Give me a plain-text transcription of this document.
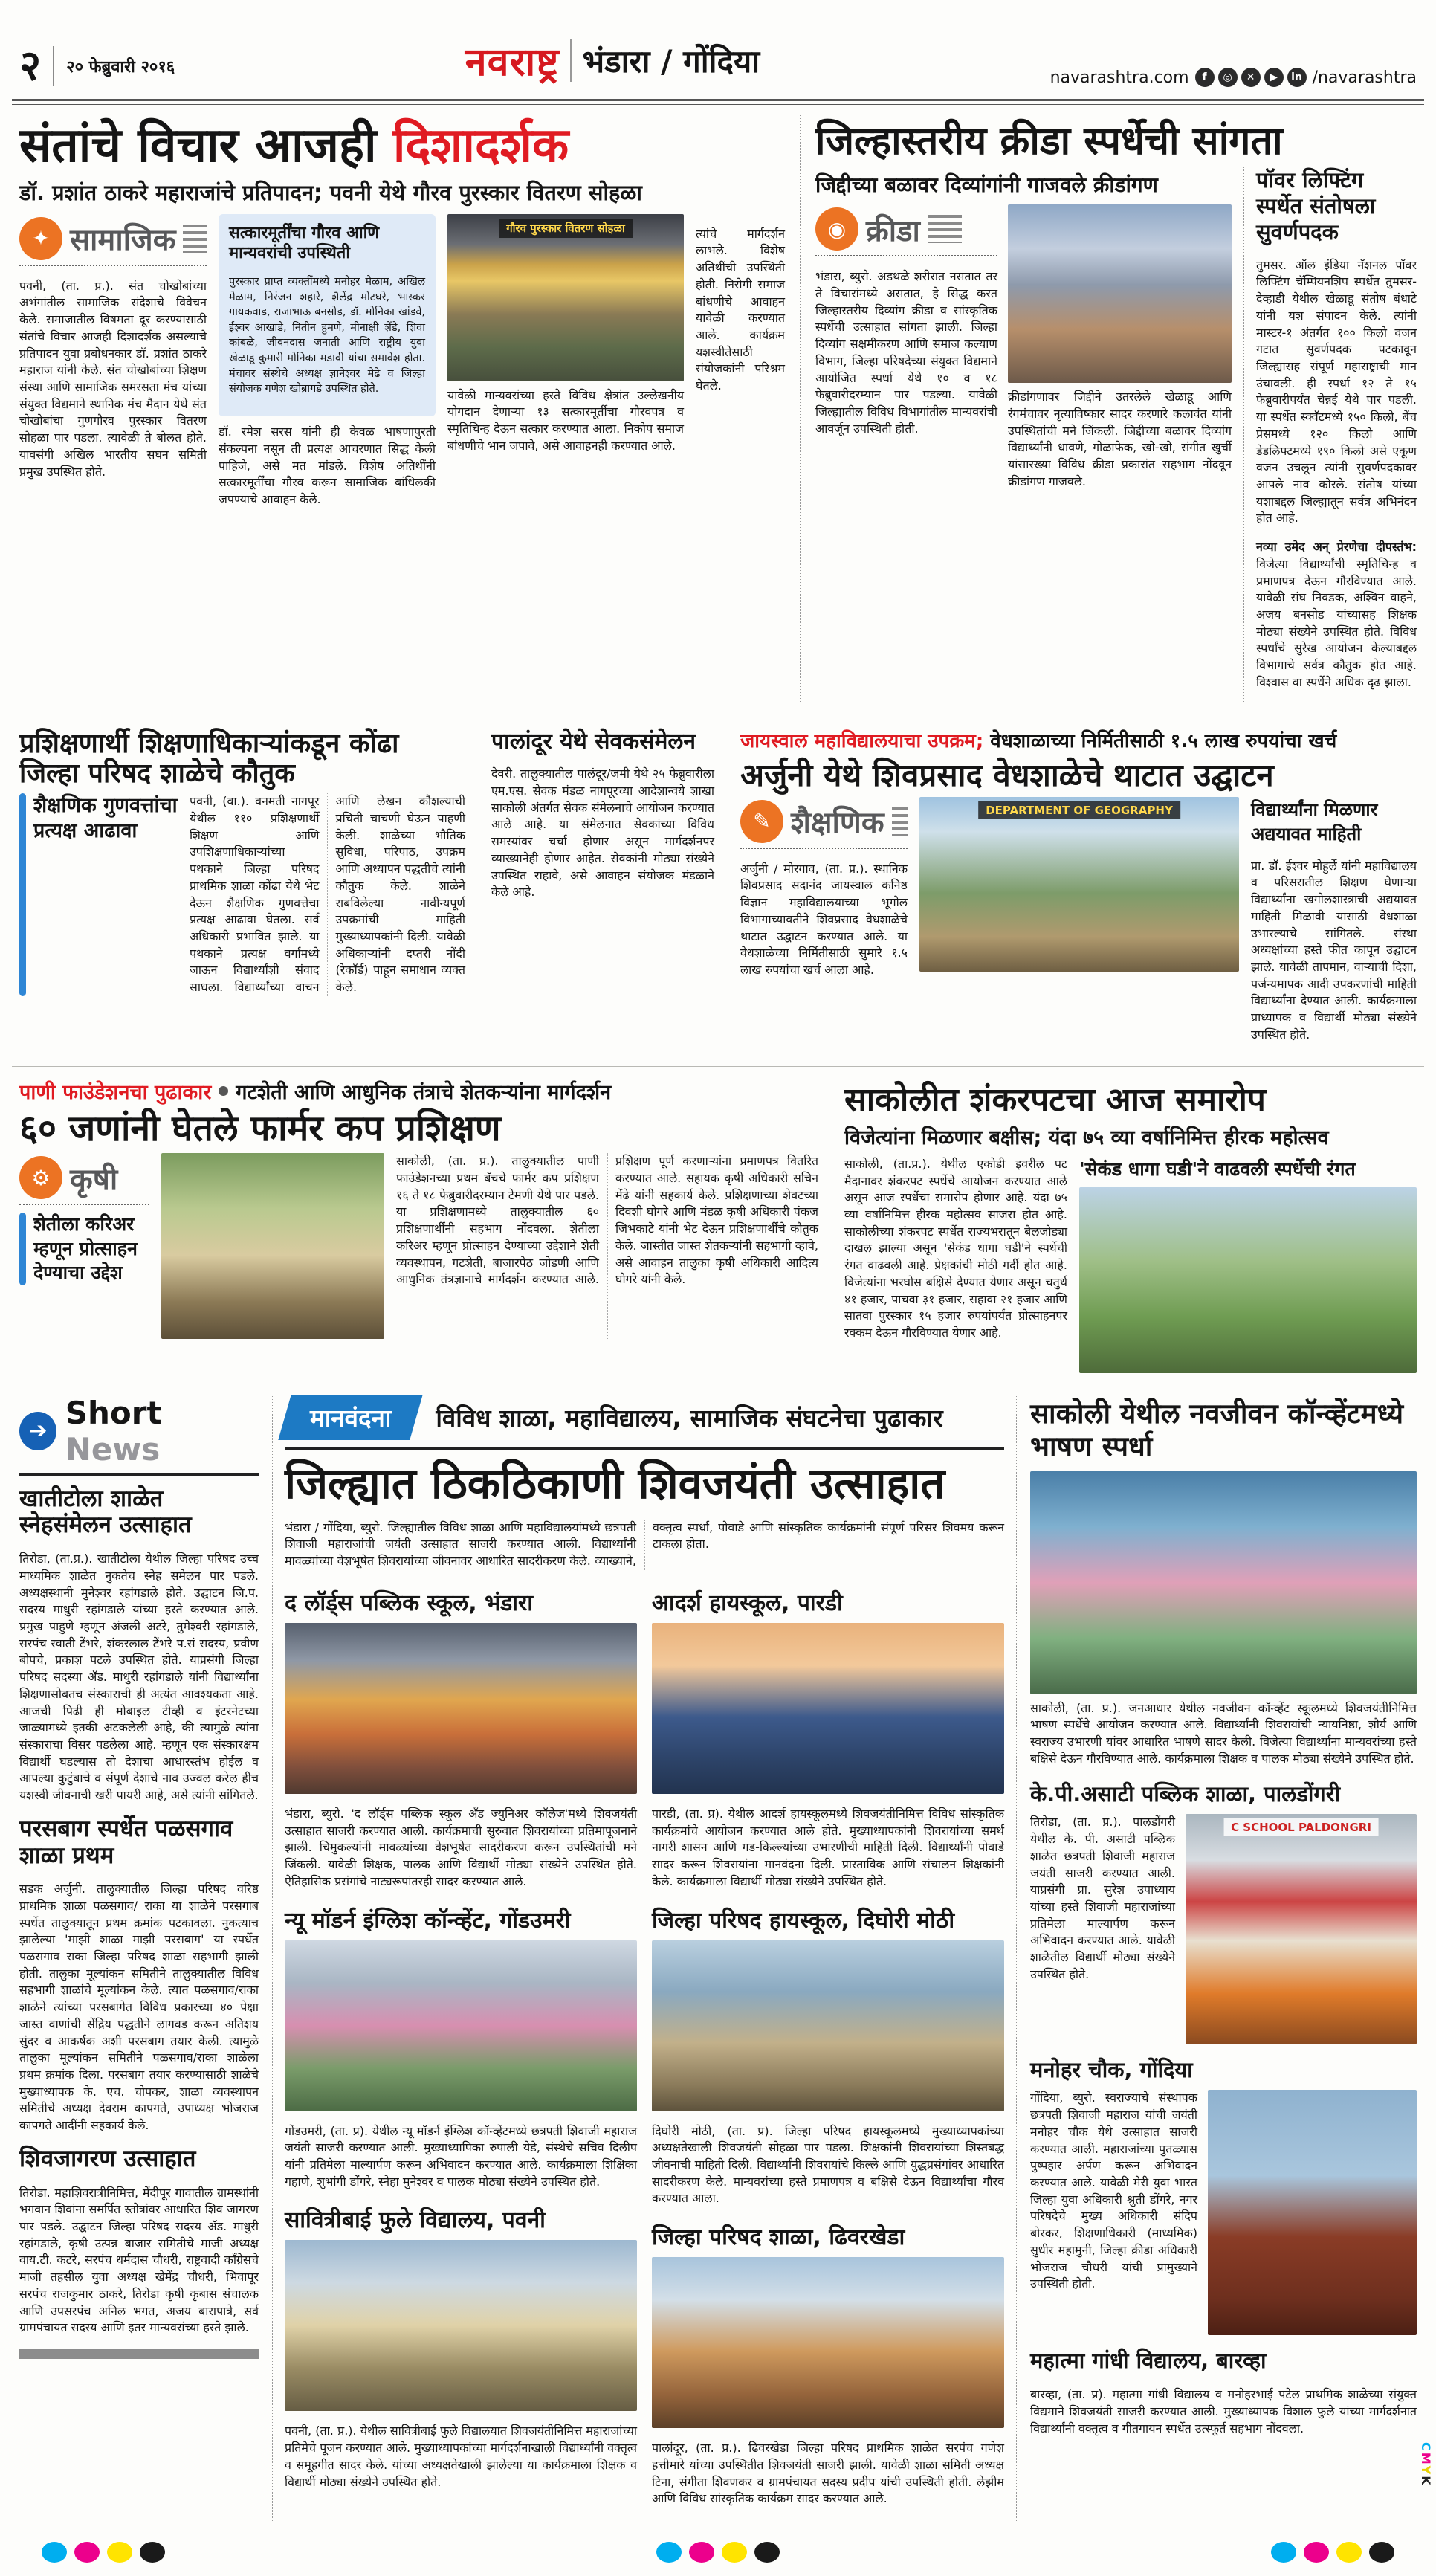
२ २० फेब्रुवारी २०१६	नवराष्ट्र भंडारा / गोंदिया	navarashtra.com	f	◎	✕	▶	in /navarashtra
संतांचे विचार आजही दिशादर्शक
डॉ. प्रशांत ठाकरे महाराजांचे प्रतिपादन; पवनी येथे गौरव पुरस्कार वितरण सोहळा
✦ सामाजिक

पवनी, (ता. प्र.). संत चोखोबांच्या अभंगांतील सामाजिक संदेशाचे विवेचन केले. समाजातील विषमता दूर करण्यासाठी संतांचे विचार आजही दिशादर्शक असल्याचे प्रतिपादन युवा प्रबोधनकार डॉ. प्रशांत ठाकरे महाराज यांनी केले. संत चोखोबांच्या शिक्षण संस्था आणि सामाजिक समरसता मंच यांच्या संयुक्त विद्यमाने स्थानिक मंच मैदान येथे संत चोखोबांचा गुणगौरव पुरस्कार वितरण सोहळा पार पडला. त्यावेळी ते बोलत होते. यावसंगी अखिल भारतीय सघन समिती प्रमुख उपस्थित होते.

सत्कारमूर्तींचा गौरव आणि मान्यवरांची उपस्थिती

पुरस्कार प्राप्त व्यक्तींमध्ये मनोहर मेळाम, अखिल मेळाम, निरंजन शहारे, शैलेंद्र मोटघरे, भास्कर गायकवाड, राजाभाऊ बनसोड, डॉ. मोनिका खांडवे, ईश्वर आखाडे, नितीन हुमणे, मीनाक्षी शेंडे, शिवा कांबळे, जीवनदास जनाती आणि राष्ट्रीय युवा खेळाडू कुमारी मोनिका मडावी यांचा समावेश होता. मंचावर संस्थेचे अध्यक्ष ज्ञानेश्वर मेढे व जिल्हा संयोजक गणेश खोब्रागडे उपस्थित होते.

डॉ. रमेश सरस यांनी ही केवळ भाषणापुरती संकल्पना नसून ती प्रत्यक्ष आचरणात सिद्ध केली पाहिजे, असे मत मांडले. विशेष अतिथींनी सत्कारमूर्तींचा गौरव करून सामाजिक बांधिलकी जपण्याचे आवाहन केले.

गौरव पुरस्कार वितरण सोहळा

यावेळी मान्यवरांच्या हस्ते विविध क्षेत्रांत उल्लेखनीय योगदान देणाऱ्या १३ सत्कारमूर्तींचा गौरवपत्र व स्मृतिचिन्ह देऊन सत्कार करण्यात आला. निकोप समाज बांधणीचे भान जपावे, असे आवाहनही करण्यात आले.

त्यांचे मार्गदर्शन लाभले. विशेष अतिथींची उपस्थिती होती. निरोगी समाज बांधणीचे आवाहन यावेळी करण्यात आले. कार्यक्रम यशस्वीतेसाठी संयोजकांनी परिश्रम घेतले.

जिल्हास्तरीय क्रीडा स्पर्धेची सांगता
जिद्दीच्या बळावर दिव्यांगांनी गाजवले क्रीडांगण
◉ क्रीडा

भंडारा, ब्युरो. अडथळे शरीरात नसतात तर ते विचारांमध्ये असतात, हे सिद्ध करत जिल्हास्तरीय दिव्यांग क्रीडा व सांस्कृतिक स्पर्धेची उत्साहात सांगता झाली. जिल्हा दिव्यांग सक्षमीकरण आणि समाज कल्याण विभाग, जिल्हा परिषदेच्या संयुक्त विद्यमाने आयोजित स्पर्धा येथे १० व १८ फेब्रुवारीदरम्यान पार पडल्या. यावेळी जिल्ह्यातील विविध विभागांतील मान्यवरांची आवर्जून उपस्थिती होती.

क्रीडांगणावर जिद्दीने उतरलेले खेळाडू आणि रंगमंचावर नृत्याविष्कार सादर करणारे कलावंत यांनी उपस्थितांची मने जिंकली. जिद्दीच्या बळावर दिव्यांग विद्यार्थ्यांनी धावणे, गोळाफेक, खो-खो, संगीत खुर्ची यांसारख्या विविध क्रीडा प्रकारांत सहभाग नोंदवून क्रीडांगण गाजवले.

पॉवर लिफ्टिंग स्पर्धेत संतोषला सुवर्णपदक

तुमसर. ऑल इंडिया नॅशनल पॉवर लिफ्टिंग चॅम्पियनशिप स्पर्धेत तुमसर-देव्हाडी येथील खेळाडू संतोष बंधाटे यांनी यश संपादन केले. त्यांनी मास्टर-१ अंतर्गत १०० किलो वजन गटात सुवर्णपदक पटकावून जिल्ह्यासह संपूर्ण महाराष्ट्राची मान उंचावली. ही स्पर्धा १२ ते १५ फेब्रुवारीपर्यंत चेन्नई येथे पार पडली. या स्पर्धेत स्क्वॅटमध्ये १५० किलो, बेंच प्रेसमध्ये १२० किलो आणि डेडलिफ्टमध्ये १९० किलो असे एकूण वजन उचलून त्यांनी सुवर्णपदकावर आपले नाव कोरले. संतोष यांच्या यशाबद्दल जिल्ह्यातून सर्वत्र अभिनंदन होत आहे.

नव्या उमेद अन् प्रेरणेचा दीपस्तंभ: विजेत्या विद्यार्थ्यांची स्मृतिचिन्ह व प्रमाणपत्र देऊन गौरविण्यात आले. यावेळी संघ निवडक, अश्विन वाहने, अजय बनसोड यांच्यासह शिक्षक मोठ्या संख्येने उपस्थित होते. विविध स्पर्धांचे सुरेख आयोजन केल्याबद्दल विभागाचे सर्वत्र कौतुक होत आहे. विश्वास वा स्पर्धेने अधिक दृढ झाला.

प्रशिक्षणार्थी शिक्षणाधिकाऱ्यांकडून कोंढा जिल्हा परिषद शाळेचे कौतुक
शैक्षणिक गुणवत्तांचा प्रत्यक्ष आढावा

पवनी, (वा.). वनमती नागपूर येथील ११० प्रशिक्षणार्थी शिक्षण आणि उपशिक्षणाधिकाऱ्यांच्या पथकाने जिल्हा परिषद प्राथमिक शाळा कोंढा येथे भेट देऊन शैक्षणिक गुणवत्तेचा प्रत्यक्ष आढावा घेतला. सर्व अधिकारी प्रभावित झाले. या पथकाने प्रत्यक्ष वर्गांमध्ये जाऊन विद्यार्थ्यांशी संवाद साधला. विद्यार्थ्यांच्या वाचन आणि लेखन कौशल्याची प्रचिती चाचणी घेऊन पाहणी केली. शाळेच्या भौतिक सुविधा, परिपाठ, उपक्रम आणि अध्यापन पद्धतीचे त्यांनी कौतुक केले. शाळेने राबविलेल्या नावीन्यपूर्ण उपक्रमांची माहिती मुख्याध्यापकांनी दिली. यावेळी अधिकाऱ्यांनी दप्तरी नोंदी (रेकॉर्ड) पाहून समाधान व्यक्त केले.

पालांदूर येथे सेवकसंमेलन

देवरी. तालुक्यातील पालंदूर/जमी येथे २५ फेब्रुवारीला एम.एस. सेवक मंडळ नागपूरच्या आदेशान्वये शाखा साकोली अंतर्गत सेवक संमेलनाचे आयोजन करण्यात आले आहे. या संमेलनात सेवकांच्या विविध समस्यांवर चर्चा होणार असून मार्गदर्शनपर व्याख्यानेही होणार आहेत. सेवकांनी मोठ्या संख्येने उपस्थित राहावे, असे आवाहन संयोजक मंडळाने केले आहे.

जायस्वाल महाविद्यालयाचा उपक्रम; वेधशाळाच्या निर्मितीसाठी १.५ लाख रुपयांचा खर्च
अर्जुनी येथे शिवप्रसाद वेधशाळेचे थाटात उद्घाटन
✎ शैक्षणिक

अर्जुनी / मोरगाव, (ता. प्र.). स्थानिक शिवप्रसाद सदानंद जायस्वाल कनिष्ठ विज्ञान महाविद्यालयाच्या भूगोल विभागाच्यावतीने शिवप्रसाद वेधशाळेचे थाटात उद्घाटन करण्यात आले. या वेधशाळेच्या निर्मितीसाठी सुमारे १.५ लाख रुपयांचा खर्च आला आहे.

DEPARTMENT OF GEOGRAPHY	विद्यार्थ्यांना मिळणार अद्ययावत माहिती

प्रा. डॉ. ईश्वर मोहुर्ले यांनी महाविद्यालय व परिसरातील शिक्षण घेणाऱ्या विद्यार्थ्यांना खगोलशास्त्राची अद्ययावत माहिती मिळावी यासाठी वेधशाळा उभारल्याचे सांगितले. संस्था अध्यक्षांच्या हस्ते फीत कापून उद्घाटन झाले. यावेळी तापमान, वाऱ्याची दिशा, पर्जन्यमापक आदी उपकरणांची माहिती विद्यार्थ्यांना देण्यात आली. कार्यक्रमाला प्राध्यापक व विद्यार्थी मोठ्या संख्येने उपस्थित होते.

पाणी फाउंडेशनचा पुढाकार गटशेती आणि आधुनिक तंत्राचे शेतकऱ्यांना मार्गदर्शन
६० जणांनी घेतले फार्मर कप प्रशिक्षण
⚙ कृषी
शेतीला करिअर म्हणून प्रोत्साहन देण्याचा उद्देश

साकोली, (ता. प्र.). तालुक्यातील पाणी फाउंडेशनच्या प्रथम बॅचचे फार्मर कप प्रशिक्षण १६ ते १८ फेब्रुवारीदरम्यान टेमणी येथे पार पडले. या प्रशिक्षणामध्ये तालुक्यातील ६० प्रशिक्षणार्थींनी सहभाग नोंदवला. शेतीला करिअर म्हणून प्रोत्साहन देण्याच्या उद्देशाने शेती व्यवस्थापन, गटशेती, बाजारपेठ जोडणी आणि आधुनिक तंत्रज्ञानाचे मार्गदर्शन करण्यात आले. प्रशिक्षण पूर्ण करणाऱ्यांना प्रमाणपत्र वितरित करण्यात आले. सहायक कृषी अधिकारी सचिन मेंढे यांनी सहकार्य केले. प्रशिक्षणाच्या शेवटच्या दिवशी घोगरे आणि मंडळ कृषी अधिकारी पंकज जिभकाटे यांनी भेट देऊन प्रशिक्षणार्थींचे कौतुक केले. जास्तीत जास्त शेतकऱ्यांनी सहभागी व्हावे, असे आवाहन तालुका कृषी अधिकारी आदित्य घोगरे यांनी केले.

साकोलीत शंकरपटचा आज समारोप
विजेत्यांना मिळणार बक्षीस; यंदा ७५ व्या वर्षानिमित्त हीरक महोत्सव

साकोली, (ता.प्र.). येथील एकोडी इवरील पट मैदानावर शंकरपट स्पर्धेचे आयोजन करण्यात आले असून आज स्पर्धेचा समारोप होणार आहे. यंदा ७५ व्या वर्षानिमित्त हीरक महोत्सव साजरा होत आहे. साकोलीच्या शंकरपट स्पर्धेत राज्यभरातून बैलजोड्या दाखल झाल्या असून 'सेकंड धागा घडी'ने स्पर्धेची रंगत वाढवली आहे. प्रेक्षकांची मोठी गर्दी होत आहे. विजेत्यांना भरघोस बक्षिसे देण्यात येणार असून चतुर्थ ४१ हजार, पाचवा ३१ हजार, सहावा २१ हजार आणि सातवा पुरस्कार १५ हजार रुपयांपर्यंत प्रोत्साहनपर रक्कम देऊन गौरविण्यात येणार आहे.

'सेकंड धागा घडी'ने वाढवली स्पर्धेची रंगत
➔ Short News
खातीटोला शाळेत स्नेहसंमेलन उत्साहात

तिरोडा, (ता.प्र.). खातीटोला येथील जिल्हा परिषद उच्च माध्यमिक शाळेत नुकतेच स्नेह समेलन पार पडले. अध्यक्षस्थानी मुनेश्वर रहांगडाले होते. उद्घाटन जि.प. सदस्य माधुरी रहांगडाले यांच्या हस्ते करण्यात आले. प्रमुख पाहुणे म्हणून अंजली अटरे, तुमेश्वरी रहांगडाले, सरपंच स्वाती टेंभरे, शंकरलाल टेंभरे प.सं सदस्य, प्रवीण बोपचे, प्रकाश पटले उपस्थित होते. याप्रसंगी जिल्हा परिषद सदस्या ॲड. माधुरी रहांगडाले यांनी विद्यार्थ्यांना शिक्षणासोबतच संस्काराची ही अत्यंत आवश्यकता आहे. आजची पिढी ही मोबाइल टीव्ही व इंटरनेटच्या जाळ्यामध्ये इतकी अटकलेली आहे, की त्यामुळे त्यांना संस्काराचा विसर पडलेला आहे. म्हणून एक संस्कारक्षम विद्यार्थी घडल्यास तो देशाचा आधारस्तंभ होईल व आपल्या कुटुंबाचे व संपूर्ण देशाचे नाव उज्वल करेल हीच यशस्वी जीवनाची खरी पायरी आहे, असे त्यांनी सांगितले.

परसबाग स्पर्धेत पळसगाव शाळा प्रथम

सडक अर्जुनी. तालुक्यातील जिल्हा परिषद वरिष्ठ प्राथमिक शाळा पळसगाव/ राका या शाळेने परसगाब स्पर्धेत तालुक्यातून प्रथम क्रमांक पटकावला. नुकत्याच झालेल्या 'माझी शाळा माझी परसबाग' या स्पर्धेत पळसगाव राका जिल्हा परिषद शाळा सहभागी झाली होती. तालुका मूल्यांकन समितीने तालुक्यातील विविध सहभागी शाळांचे मूल्यांकन केले. त्यात पळसगाव/राका शाळेने त्यांच्या परसबागेत विविध प्रकारच्या ४० पेक्षा जास्त वाणांची सेंद्रिय पद्धतीने लागवड करून अतिशय सुंदर व आकर्षक अशी परसबाग तयार केली. त्यामुळे तालुका मूल्यांकन समितीने पळसगाव/राका शाळेला प्रथम क्रमांक दिला. परसबाग तयार करण्यासाठी शाळेचे मुख्याध्यापक के. एच. चोपकर, शाळा व्यवस्थापन समितीचे अध्यक्ष देवराम कापगते, उपाध्यक्ष भोजराज कापगते आदींनी सहकार्य केले.

शिवजागरण उत्साहात

तिरोडा. महाशिवरात्रीनिमित्त, मेंदीपूर गावातील ग्रामस्थांनी भगवान शिवांना समर्पित स्तोत्रांवर आधारित शिव जागरण पार पडले. उद्घाटन जिल्हा परिषद सदस्य ॲड. माधुरी रहांगडाले, कृषी उत्पन्न बाजार समितीचे माजी अध्यक्ष वाय.टी. कटरे, सरपंच धर्मदास चौधरी, राष्ट्रवादी काँग्रेसचे माजी तहसील युवा अध्यक्ष खेमेंद्र चौधरी, भिवापूर सरपंच राजकुमार ठाकरे, तिरोडा कृषी कृबास संचालक आणि उपसरपंच अनिल भगत, अजय बारापात्रे, सर्व ग्रामपंचायत सदस्य आणि इतर मान्यवरांच्या हस्ते झाले.

मानवंदना	विविध शाळा, महाविद्यालय, सामाजिक संघटनेचा पुढाकार
जिल्ह्यात ठिकठिकाणी शिवजयंती उत्साहात

भंडारा / गोंदिया, ब्युरो. जिल्ह्यातील विविध शाळा आणि महाविद्यालयांमध्ये छत्रपती शिवाजी महाराजांची जयंती उत्साहात साजरी करण्यात आली. विद्यार्थ्यांनी मावळ्यांच्या वेशभूषेत शिवरायांच्या जीवनावर आधारित सादरीकरण केले. व्याख्याने, वक्तृत्व स्पर्धा, पोवाडे आणि सांस्कृतिक कार्यक्रमांनी संपूर्ण परिसर शिवमय करून टाकला होता.

द लॉर्ड्स पब्लिक स्कूल, भंडारा

भंडारा, ब्युरो. 'द लॉर्ड्स पब्लिक स्कूल अँड ज्युनिअर कॉलेज'मध्ये शिवजयंती उत्साहात साजरी करण्यात आली. कार्यक्रमाची सुरुवात शिवरायांच्या प्रतिमापूजनाने झाली. चिमुकल्यांनी मावळ्यांच्या वेशभूषेत सादरीकरण करून उपस्थितांची मने जिंकली. यावेळी शिक्षक, पालक आणि विद्यार्थी मोठ्या संख्येने उपस्थित होते. ऐतिहासिक प्रसंगांचे नाट्यरूपांतरही सादर करण्यात आले.

न्यू मॉडर्न इंग्लिश कॉन्व्हेंट, गोंडउमरी

गोंडउमरी, (ता. प्र). येथील न्यू मॉडर्न इंग्लिश कॉन्व्हेंटमध्ये छत्रपती शिवाजी महाराज जयंती साजरी करण्यात आली. मुख्याध्यापिका रुपाली येडे, संस्थेचे सचिव दिलीप यांनी प्रतिमेला माल्यार्पण करून अभिवादन करण्यात आले. कार्यक्रमाला शिक्षिका गहाणे, शुभांगी डोंगरे, स्नेहा मुनेश्वर व पालक मोठ्या संख्येने उपस्थित होते.

सावित्रीबाई फुले विद्यालय, पवनी

पवनी, (ता. प्र.). येथील सावित्रीबाई फुले विद्यालयात शिवजयंतीनिमित्त महाराजांच्या प्रतिमेचे पूजन करण्यात आले. मुख्याध्यापकांच्या मार्गदर्शनाखाली विद्यार्थ्यांनी वक्तृत्व व समूहगीत सादर केले. यांच्या अध्यक्षतेखाली झालेल्या या कार्यक्रमाला शिक्षक व विद्यार्थी मोठ्या संख्येने उपस्थित होते.

आदर्श हायस्कूल, पारडी

पारडी, (ता. प्र). येथील आदर्श हायस्कूलमध्ये शिवजयंतीनिमित्त विविध सांस्कृतिक कार्यक्रमांचे आयोजन करण्यात आले होते. मुख्याध्यापकांनी शिवरायांच्या समर्थ नागरी शासन आणि गड-किल्ल्यांच्या उभारणीची माहिती दिली. विद्यार्थ्यांनी पोवाडे सादर करून शिवरायांना मानवंदना दिली. प्रास्ताविक आणि संचालन शिक्षकांनी केले. कार्यक्रमाला विद्यार्थी मोठ्या संख्येने उपस्थित होते.

जिल्हा परिषद हायस्कूल, दिघोरी मोठी

दिघोरी मोठी, (ता. प्र). जिल्हा परिषद हायस्कूलमध्ये मुख्याध्यापकांच्या अध्यक्षतेखाली शिवजयंती सोहळा पार पडला. शिक्षकांनी शिवरायांच्या शिस्तबद्ध जीवनाची माहिती दिली. विद्यार्थ्यांनी शिवरायांचे किल्ले आणि युद्धप्रसंगांवर आधारित सादरीकरण केले. मान्यवरांच्या हस्ते प्रमाणपत्र व बक्षिसे देऊन विद्यार्थ्यांचा गौरव करण्यात आला.

जिल्हा परिषद शाळा, ढिवरखेडा

पालांदूर, (ता. प्र.). ढिवरखेडा जिल्हा परिषद प्राथमिक शाळेत सरपंच गणेश हत्तीमारे यांच्या उपस्थितीत शिवजयंती साजरी झाली. यावेळी शाळा समिती अध्यक्ष टिना, संगीता शिवणकर व ग्रामपंचायत सदस्य प्रदीप यांची उपस्थिती होती. लेझीम आणि विविध सांस्कृतिक कार्यक्रम सादर करण्यात आले.

साकोली येथील नवजीवन कॉन्व्हेंटमध्ये भाषण स्पर्धा

साकोली, (ता. प्र.). जनआधार येथील नवजीवन कॉन्व्हेंट स्कूलमध्ये शिवजयंतीनिमित्त भाषण स्पर्धेचे आयोजन करण्यात आले. विद्यार्थ्यांनी शिवरायांची न्यायनिष्ठा, शौर्य आणि स्वराज्य उभारणी यांवर आधारित भाषणे सादर केली. विजेत्या विद्यार्थ्यांना मान्यवरांच्या हस्ते बक्षिसे देऊन गौरविण्यात आले. कार्यक्रमाला शिक्षक व पालक मोठ्या संख्येने उपस्थित होते.

के.पी.असाटी पब्लिक शाळा, पालडोंगरी

तिरोडा, (ता. प्र.). पालडोंगरी येथील के. पी. असाटी पब्लिक शाळेत छत्रपती शिवाजी महाराज जयंती साजरी करण्यात आली. याप्रसंगी प्रा. सुरेश उपाध्याय यांच्या हस्ते शिवाजी महाराजांच्या प्रतिमेला माल्यार्पण करून अभिवादन करण्यात आले. यावेळी शाळेतील विद्यार्थी मोठ्या संख्येने उपस्थित होते.

C SCHOOL PALDONGRI
मनोहर चौक, गोंदिया

गोंदिया, ब्युरो. स्वराज्याचे संस्थापक छत्रपती शिवाजी महाराज यांची जयंती मनोहर चौक येथे उत्साहात साजरी करण्यात आली. महाराजांच्या पुतळ्यास पुष्पहार अर्पण करून अभिवादन करण्यात आले. यावेळी मेरी युवा भारत जिल्हा युवा अधिकारी श्रुती डोंगरे, नगर परिषदेचे मुख्य अधिकारी संदिप बोरकर, शिक्षणाधिकारी (माध्यमिक) सुधीर महामुनी, जिल्हा क्रीडा अधिकारी भोजराज चौधरी यांची प्रामुख्याने उपस्थिती होती.

महात्मा गांधी विद्यालय, बारव्हा

बारव्हा, (ता. प्र). महात्मा गांधी विद्यालय व मनोहरभाई पटेल प्राथमिक शाळेच्या संयुक्त विद्यमाने शिवजयंती साजरी करण्यात आली. मुख्याध्यापक विशाल फुले यांच्या मार्गदर्शनात विद्यार्थ्यांनी वक्तृत्व व गीतगायन स्पर्धेत उत्स्फूर्त सहभाग नोंदवला.

CMYK
